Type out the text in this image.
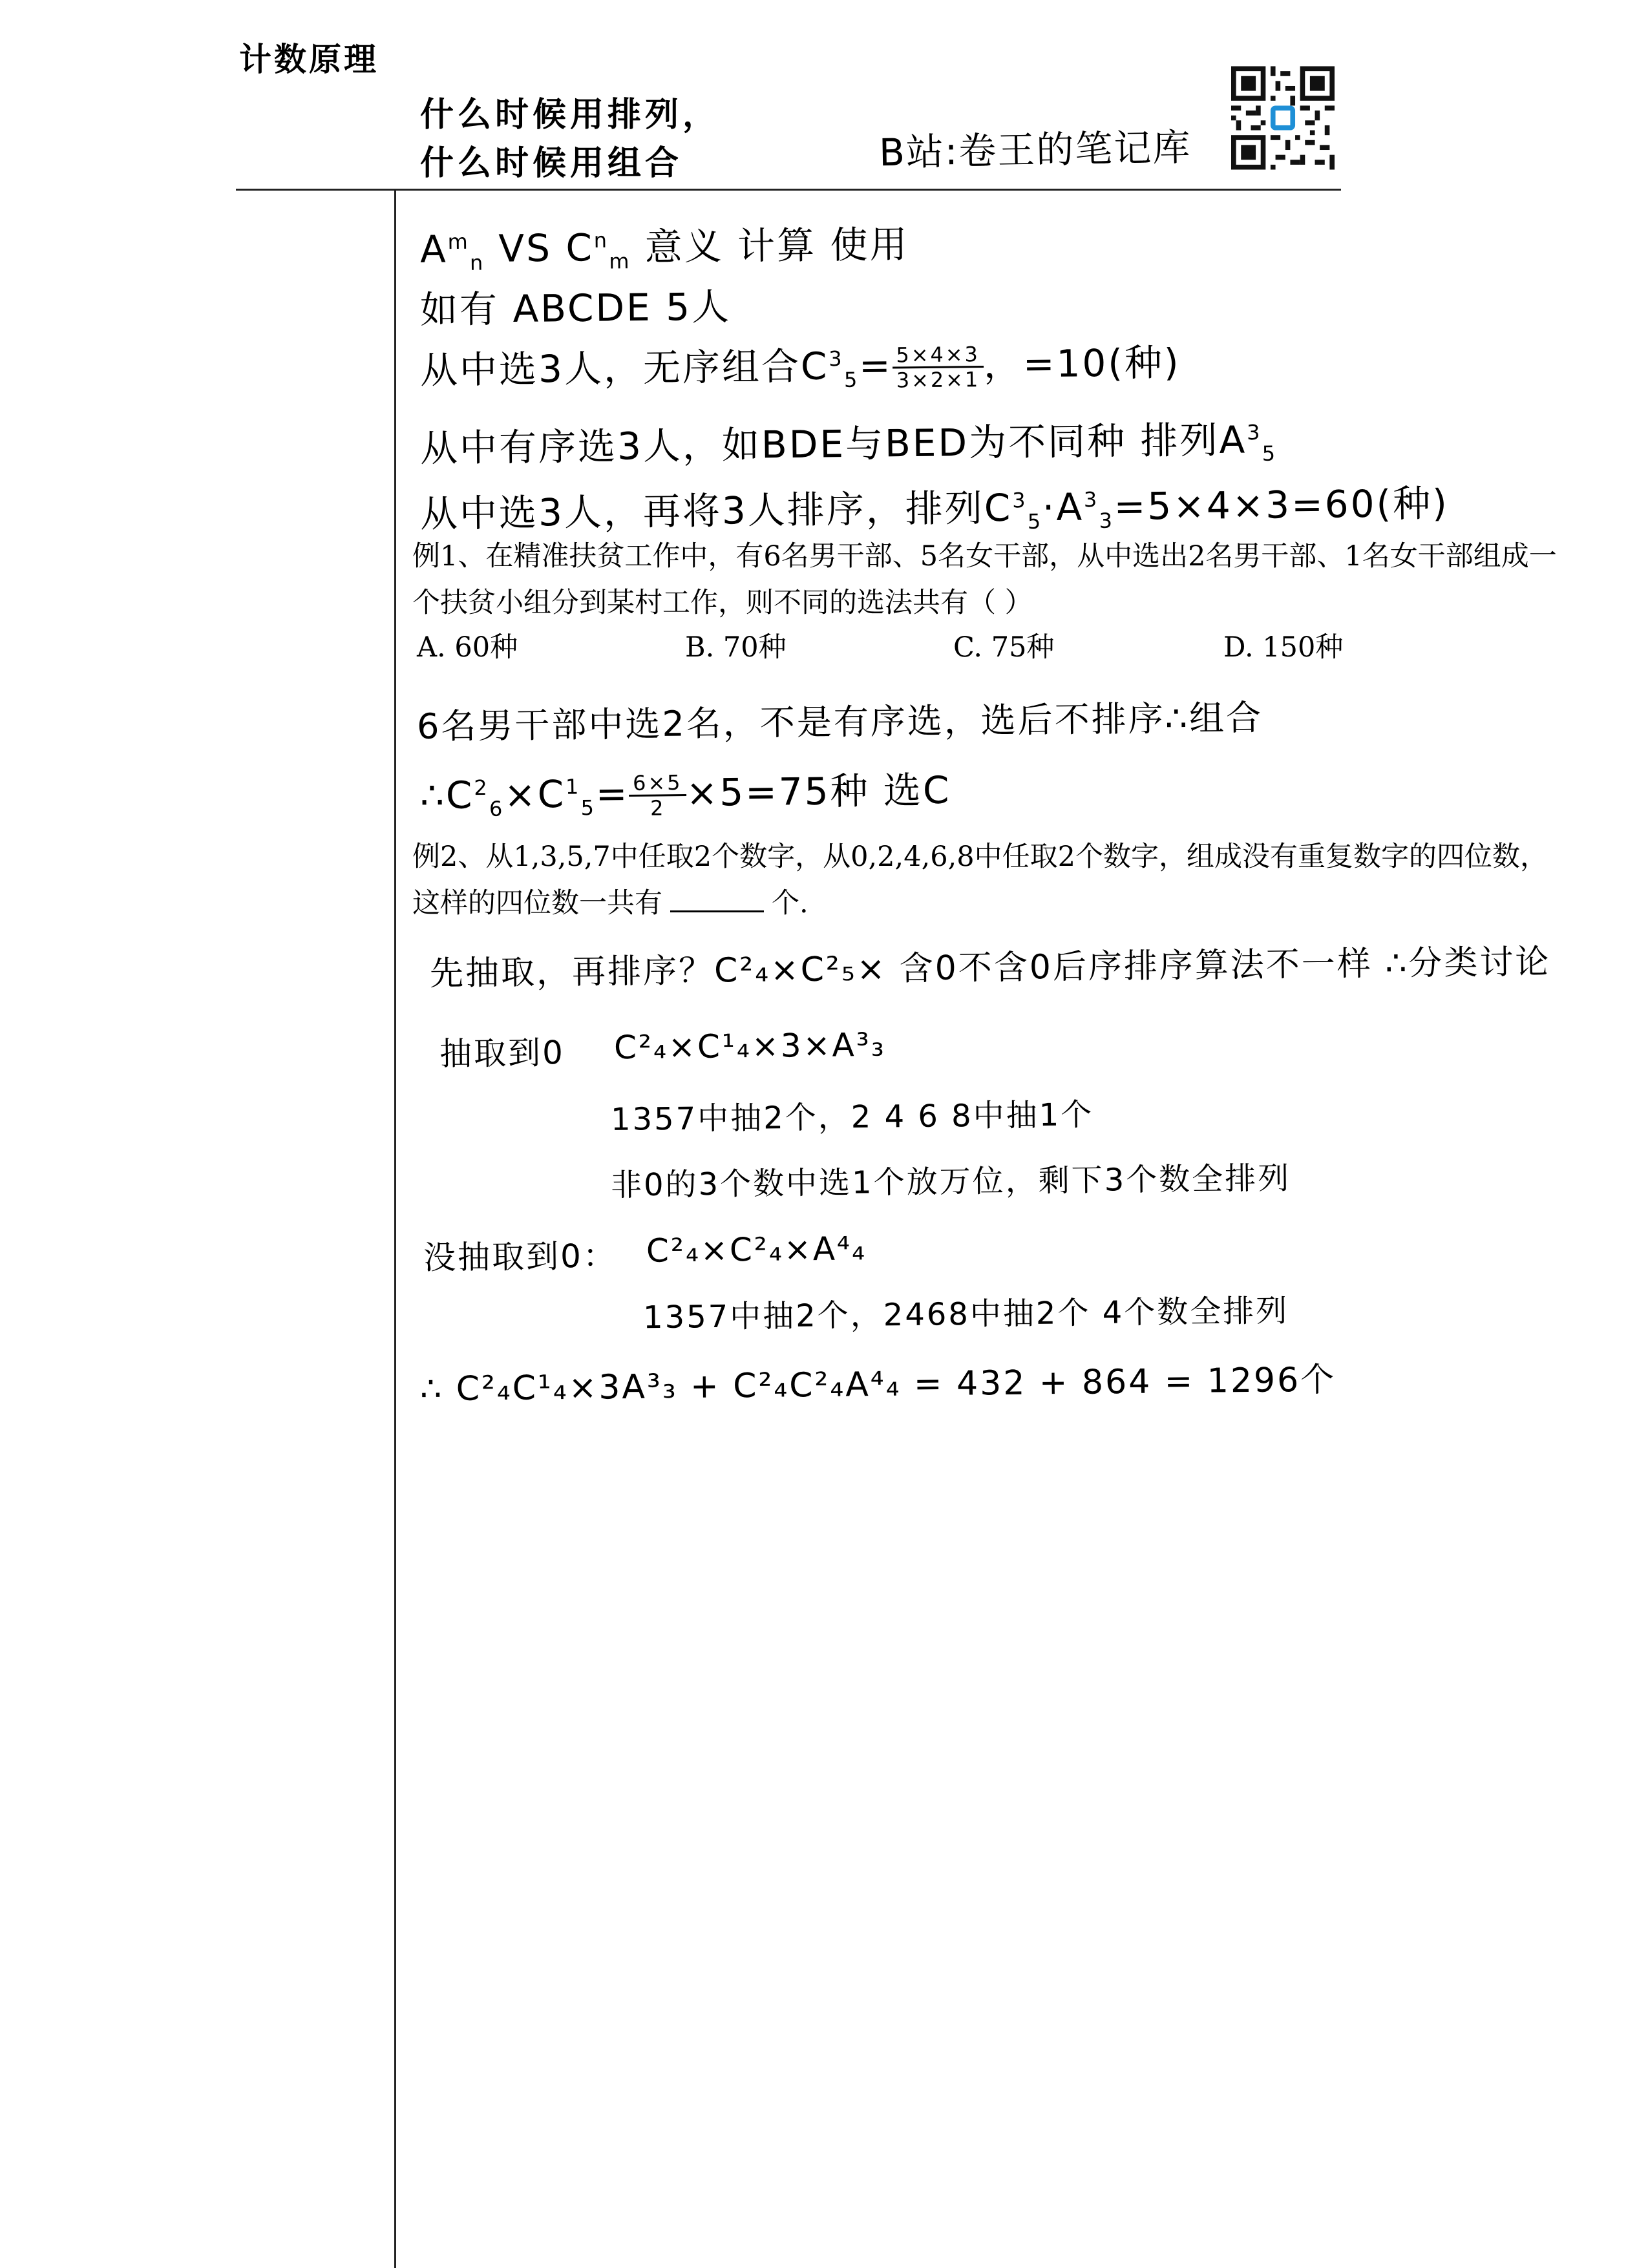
计数原理
什么时候用排列，
什么时候用组合	B站:卷王的笔记库
$A^m_n$ VS $C^n_m$ 意义 计算 使用
如有 ABCDE 5人
从中选3人，无序组合$C^3_5= \frac{5\times 4\times 3}{3\times 2\times 1}$ ，=10(种)
从中有序选3人，如BDE与BED为不同种 排列$A^3_5$
从中选3人，再将3人排序，排列$C^3_5\cdot A^3_3=5\times 4\times 3=60$(种)
例1、在精准扶贫工作中，有6名男干部、5名女干部，从中选出2名男干部、1名女干部组成一个扶贫小组分到某村工作，则不同的选法共有（ ）
A. 60种	B. 70种	C. 75种	D. 150种
6名男干部中选2名，不是有序选，选后不排序∴组合
$\therefore C^2_6\times C^1_5= \frac{6\times 5}{2} \times 5=75$种 选C
例2、从1,3,5,7中任取2个数字，从0,2,4,6,8中任取2个数字，组成没有重复数字的四位数，这样的四位数一共有	个.
先抽取，再排序？C²₄×C²₅× 含0不含0后序排序算法不一样 ∴分类讨论
抽取到0 C²₄×C¹₄×3×A³₃
1357中抽2个，2 4 6 8中抽1个
非0的3个数中选1个放万位，剩下3个数全排列
没抽取到0： C²₄×C²₄×A⁴₄
1357中抽2个，2468中抽2个 4个数全排列
∴ C²₄C¹₄×3A³₃ + C²₄C²₄A⁴₄ = 432 + 864 = 1296个
